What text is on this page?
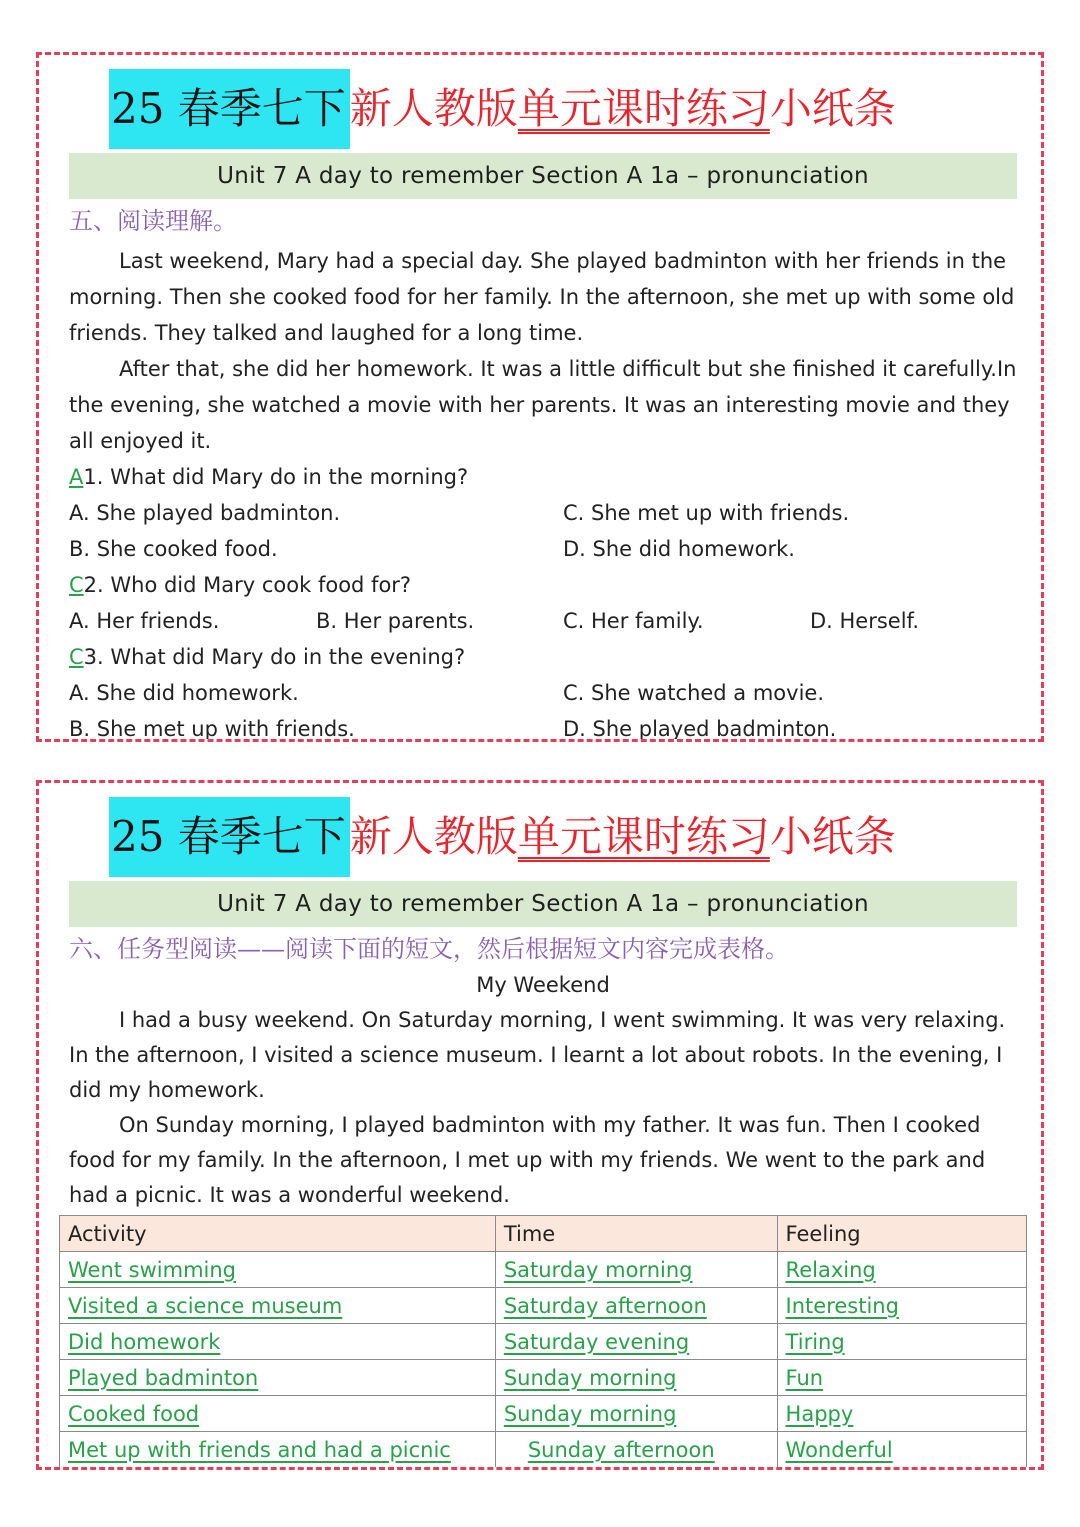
25 春季七下 新人教版单元课时练习小纸条
Unit 7 A day to remember Section A 1a – pronunciation
五、阅读理解。
Last weekend, Mary had a special day. She played badminton with her friends in the morning. Then she cooked food for her family. In the afternoon, she met up with some old friends. They talked and laughed for a long time.
After that, she did her homework. It was a little difficult but she finished it carefully.In the evening, she watched a movie with her parents. It was an interesting movie and they all enjoyed it.
A1. What did Mary do in the morning?
A. She played badminton.	C. She met up with friends.
B. She cooked food.	D. She did homework.
C2. Who did Mary cook food for?
A. Her friends.	B. Her parents.	C. Her family.	D. Herself.
C3. What did Mary do in the evening?
A. She did homework.	C. She watched a movie.
B. She met up with friends.	D. She played badminton.
25 春季七下 新人教版单元课时练习小纸条
Unit 7 A day to remember Section A 1a – pronunciation
六、任务型阅读——阅读下面的短文，然后根据短文内容完成表格。
My Weekend
I had a busy weekend. On Saturday morning, I went swimming. It was very relaxing. In the afternoon, I visited a science museum. I learnt a lot about robots. In the evening, I did my homework.
On Sunday morning, I played badminton with my father. It was fun. Then I cooked food for my family. In the afternoon, I met up with my friends. We went to the park and had a picnic. It was a wonderful weekend.
Activity	Time	Feeling
Went swimming	Saturday morning	Relaxing
Visited a science museum	Saturday afternoon	Interesting
Did homework	Saturday evening	Tiring
Played badminton	Sunday morning	Fun
Cooked food	Sunday morning	Happy
Met up with friends and had a picnic	Sunday afternoon	Wonderful
